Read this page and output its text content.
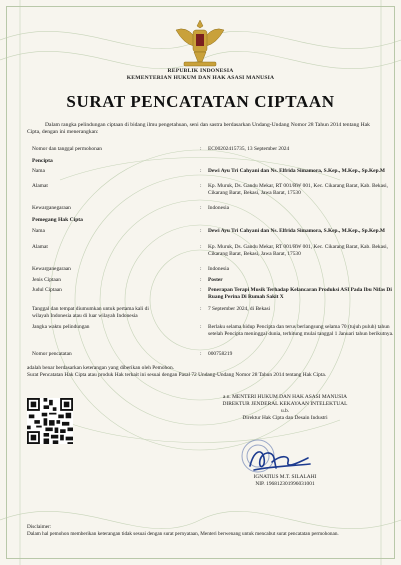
REPUBLIK INDONESIA
KEMENTERIAN HUKUM DAN HAK ASASI MANUSIA
SURAT PENCATATAN CIPTAAN
Dalam rangka pelindungan ciptaan di bidang ilmu pengetahuan, seni dan sastra berdasarkan Undang-Undang Nomor 28 Tahun 2014 tentang Hak Cipta, dengan ini menerangkan:
Nomor dan tanggal permohonan	: EC00202415735, 13 September 2024
Pencipta
Nama	: Dewi Ayu Tri Cahyani dan Ns. Elfrida Simamora, S.Kep., M.Kep., Sp.Kep.M
Alamat	: Kp. Muruk, Ds. Gandu Mekar, RT 001/RW 001, Kec. Cikarang Barat, Kab. Bekasi, Cikarang Barat, Bekasi, Jawa Barat, 17530
Kewarganegaraan	: Indonesia
Pemegang Hak Cipta
Nama	: Dewi Ayu Tri Cahyani dan Ns. Elfrida Simamora, S.Kep., M.Kep., Sp.Kep.M
Alamat	: Kp. Muruk, Ds. Gandu Mekar, RT 001/RW 001, Kec. Cikarang Barat, Kab. Bekasi, Cikarang Barat, Bekasi, Jawa Barat, 17530
Kewarganegaraan	: Indonesia
Jenis Ciptaan	: Poster
Judul Ciptaan	: Penerapan Terapi Musik Terhadap Kelancaran Produksi ASI Pada Ibu Nifas Di Ruang Perina Di Rumah Sakit X
Tanggal dan tempat diumumkan untuk pertama kali di wilayah Indonesia atau di luar wilayah Indonesia
: 7 September 2024, di Bekasi
Jangka waktu pelindungan	: Berlaku selama hidup Pencipta dan terus berlangsung selama 70 (tujuh puluh) tahun setelah Pencipta meninggal dunia, terhitung mulai tanggal 1 Januari tahun berikutnya.
Nomor pencatatan	: 000758219
adalah benar berdasarkan keterangan yang diberikan oleh Pemohon.
Surat Pencatatan Hak Cipta atau produk Hak terkait ini sesuai dengan Pasal 72 Undang-Undang Nomor 28 Tahun 2014 tentang Hak Cipta.
a.n. MENTERI HUKUM DAN HAK ASASI MANUSIA
DIREKTUR JENDERAL KEKAYAAN INTELEKTUAL
u.b.
Direktur Hak Cipta dan Desain Industri
IGNATIUS M.T. SILALAHI
NIP. 196812301996031001
Disclaimer:
Dalam hal pemohon memberikan keterangan tidak sesuai dengan surat pernyataan, Menteri berwenang untuk mencabut surat pencatatan permohonan.
